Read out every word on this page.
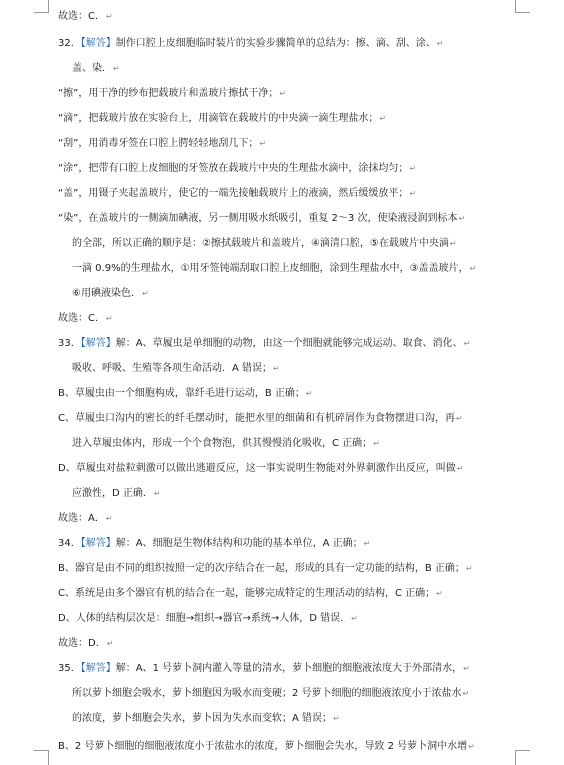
故选：C．↵
32．【解答】制作口腔上皮细胞临时装片的实验步骤简单的总结为：擦、滴、刮、涂、↵
盖、染．↵
“擦”，用干净的纱布把载玻片和盖玻片擦拭干净；↵
“滴”，把载玻片放在实验台上，用滴管在载玻片的中央滴一滴生理盐水；↵
“刮”，用消毒牙签在口腔上腭轻轻地刮几下；↵
“涂”，把带有口腔上皮细胞的牙签放在载玻片中央的生理盐水滴中，涂抹均匀；↵
“盖”，用镊子夹起盖玻片，使它的一端先接触载玻片上的液滴，然后缓缓放平；↵
“染”，在盖玻片的一侧滴加碘液，另一侧用吸水纸吸引，重复 2～3 次，使染液浸润到标本↵
的全部，所以正确的顺序是：②擦拭载玻片和盖玻片，④滴清口腔，⑤在载玻片中央滴↵
一滴 0.9%的生理盐水，①用牙签钝端刮取口腔上皮细胞，涂到生理盐水中，③盖盖玻片，↵
⑥用碘液染色．↵
故选：C．↵
33．【解答】解：A、草履虫是单细胞的动物，由这一个细胞就能够完成运动、取食、消化、↵
吸收、呼吸、生殖等各项生命活动．A 错误；↵
B、草履虫由一个细胞构成，靠纤毛进行运动，B 正确；↵
C、草履虫口沟内的密长的纤毛摆动时，能把水里的细菌和有机碎屑作为食物摆进口沟，再↵
进入草履虫体内，形成一个个食物泡，供其慢慢消化吸收，C 正确；↵
D、草履虫对盐粒刺激可以做出逃避反应，这一事实说明生物能对外界刺激作出反应，叫做↵
应激性，D 正确．↵
故选：A．↵
34．【解答】解：A、细胞是生物体结构和功能的基本单位，A 正确；↵
B、器官是由不同的组织按照一定的次序结合在一起，形成的具有一定功能的结构，B 正确；↵
C、系统是由多个器官有机的结合在一起，能够完成特定的生理活动的结构，C 正确；↵
D、人体的结构层次是：细胞→组织→器官→系统→人体，D 错误．↵
故选：D．↵
35．【解答】解：A、1 号萝卜洞内灌入等量的清水，萝卜细胞的细胞液浓度大于外部清水，↵
所以萝卜细胞会吸水，萝卜细胞因为吸水而变硬；2 号萝卜细胞的细胞液浓度小于浓盐水↵
的浓度，萝卜细胞会失水，萝卜因为失水而变软；A 错误；↵
B、2 号萝卜细胞的细胞液浓度小于浓盐水的浓度，萝卜细胞会失水，导致 2 号萝卜洞中水增↵
